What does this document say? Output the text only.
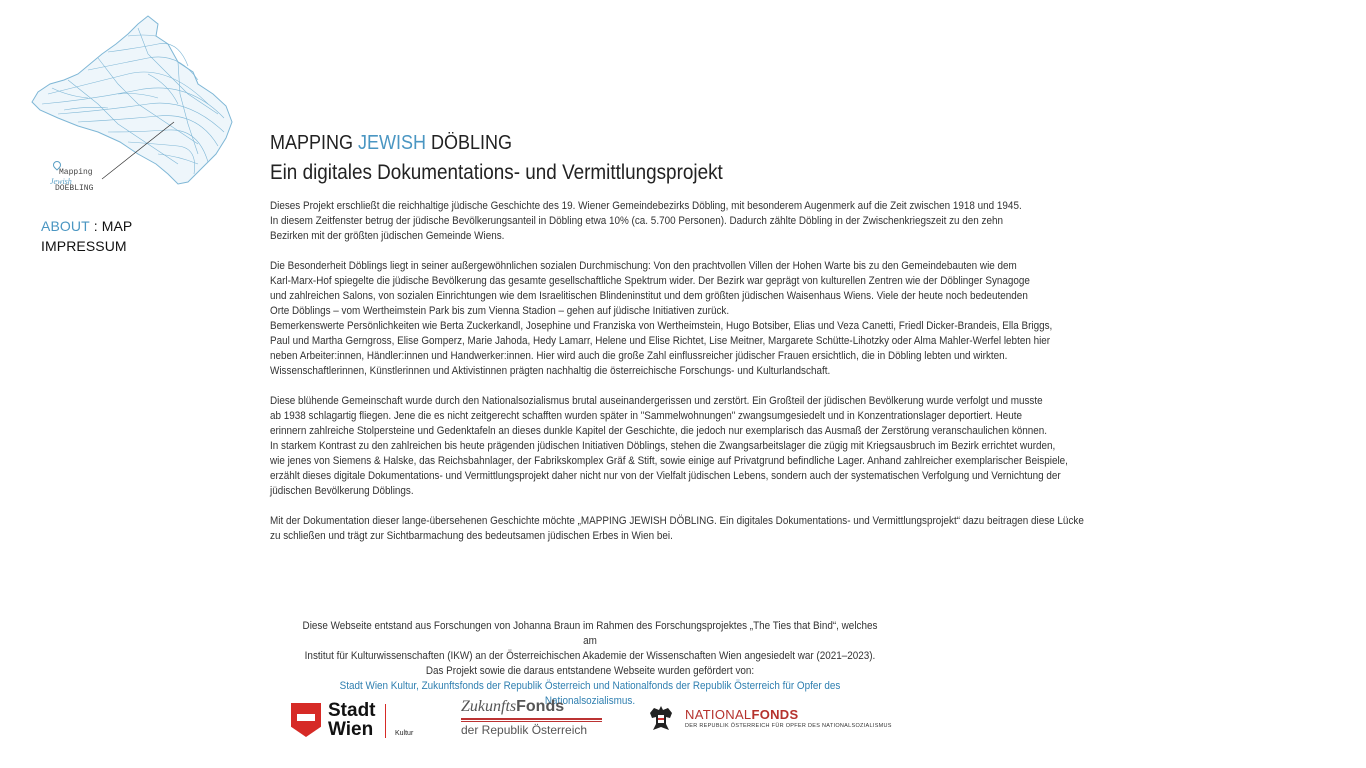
Mapping
Jewish
DOEBLING
ABOUT : MAP
IMPRESSUM
MAPPING JEWISH DÖBLING
Ein digitales Dokumentations- und Vermittlungsprojekt

Dieses Projekt erschließt die reichhaltige jüdische Geschichte des 19. Wiener Gemeindebezirks Döbling, mit besonderem Augenmerk auf die Zeit zwischen 1918 und 1945.
In diesem Zeitfenster betrug der jüdische Bevölkerungsanteil in Döbling etwa 10% (ca. 5.700 Personen). Dadurch zählte Döbling in der Zwischenkriegszeit zu den zehn
Bezirken mit der größten jüdischen Gemeinde Wiens.

Die Besonderheit Döblings liegt in seiner außergewöhnlichen sozialen Durchmischung: Von den prachtvollen Villen der Hohen Warte bis zu den Gemeindebauten wie dem
Karl-Marx-Hof spiegelte die jüdische Bevölkerung das gesamte gesellschaftliche Spektrum wider. Der Bezirk war geprägt von kulturellen Zentren wie der Döblinger Synagoge
und zahlreichen Salons, von sozialen Einrichtungen wie dem Israelitischen Blindeninstitut und dem größten jüdischen Waisenhaus Wiens. Viele der heute noch bedeutenden
Orte Döblings – vom Wertheimstein Park bis zum Vienna Stadion – gehen auf jüdische Initiativen zurück.
Bemerkenswerte Persönlichkeiten wie Berta Zuckerkandl, Josephine und Franziska von Wertheimstein, Hugo Botsiber, Elias und Veza Canetti, Friedl Dicker-Brandeis, Ella Briggs,
Paul und Martha Gerngross, Elise Gomperz, Marie Jahoda, Hedy Lamarr, Helene und Elise Richtet, Lise Meitner, Margarete Schütte-Lihotzky oder Alma Mahler-Werfel lebten hier
neben Arbeiter:innen, Händler:innen und Handwerker:innen. Hier wird auch die große Zahl einflussreicher jüdischer Frauen ersichtlich, die in Döbling lebten und wirkten.
Wissenschaftlerinnen, Künstlerinnen und Aktivistinnen prägten nachhaltig die österreichische Forschungs- und Kulturlandschaft.

Diese blühende Gemeinschaft wurde durch den Nationalsozialismus brutal auseinandergerissen und zerstört. Ein Großteil der jüdischen Bevölkerung wurde verfolgt und musste
ab 1938 schlagartig fliegen. Jene die es nicht zeitgerecht schafften wurden später in "Sammelwohnungen" zwangsumgesiedelt und in Konzentrationslager deportiert. Heute
erinnern zahlreiche Stolpersteine und Gedenktafeln an dieses dunkle Kapitel der Geschichte, die jedoch nur exemplarisch das Ausmaß der Zerstörung veranschaulichen können.
In starkem Kontrast zu den zahlreichen bis heute prägenden jüdischen Initiativen Döblings, stehen die Zwangsarbeitslager die zügig mit Kriegsausbruch im Bezirk errichtet wurden,
wie jenes von Siemens & Halske, das Reichsbahnlager, der Fabrikskomplex Gräf & Stift, sowie einige auf Privatgrund befindliche Lager. Anhand zahlreicher exemplarischer Beispiele,
erzählt dieses digitale Dokumentations- und Vermittlungsprojekt daher nicht nur von der Vielfalt jüdischen Lebens, sondern auch der systematischen Verfolgung und Vernichtung der
jüdischen Bevölkerung Döblings.

Mit der Dokumentation dieser lange-übersehenen Geschichte möchte „MAPPING JEWISH DÖBLING. Ein digitales Dokumentations- und Vermittlungsprojekt“ dazu beitragen diese Lücke
zu schließen und trägt zur Sichtbarmachung des bedeutsamen jüdischen Erbes in Wien bei.

Diese Webseite entstand aus Forschungen von Johanna Braun im Rahmen des Forschungsprojektes „The Ties that Bind“, welches am
Institut für Kulturwissenschaften (IKW) an der Österreichischen Akademie der Wissenschaften Wien angesiedelt war (2021–2023).
Das Projekt sowie die daraus entstandene Webseite wurden gefördert von:
Stadt Wien Kultur, Zukunftsfonds der Republik Österreich und Nationalfonds der Republik Österreich für Opfer des Nationalsozialismus.
Stadt
Wien	Kultur
ZukunftsFonds
der Republik Österreich
NATIONALFONDS
DER REPUBLIK ÖSTERREICH FÜR OPFER DES NATIONALSOZIALISMUS
